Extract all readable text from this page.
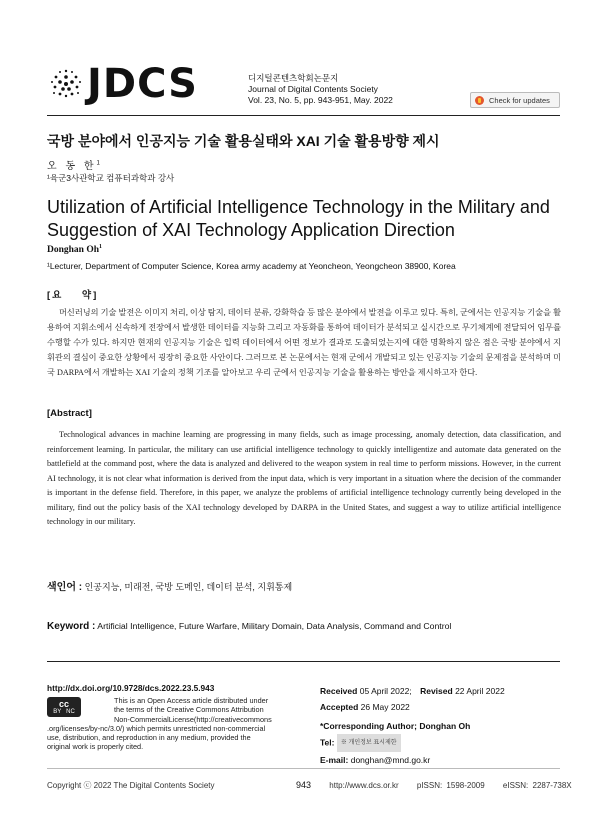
JDCS	디지털콘텐츠학회논문지
Journal of Digital Contents Society
Vol. 23, No. 5, pp. 943-951, May. 2022	Check for updates
국방 분야에서 인공지능 기술 활용실태와 XAI 기술 활용방향 제시
오 동 한$^1$
¹육군3사관학교 컴퓨터과학과 강사
Utilization of Artificial Intelligence Technology in the Military and Suggestion of XAI Technology Application Direction
Donghan Oh$^1$
¹Lecturer, Department of Computer Science, Korea army academy at Yeoncheon, Yeongcheon 38900, Korea
[요    약]
머신러닝의 기술 발전은 이미지 처리, 이상 탐지, 데이터 분류, 강화학습 등 많은 분야에서 발전을 이루고 있다. 특히, 군에서는 인공지능 기술을 활용하여 지휘소에서 신속하게 전장에서 발생한 데이터를 지능화 그리고 자동화를 통하여 데이터가 분석되고 실시간으로 무기체계에 전달되어 임무를 수행할 수가 있다. 하지만 현재의 인공지능 기술은 입력 데이터에서 어떤 정보가 결과로 도출되었는지에 대한 명확하지 않은 점은 국방 분야에서 지휘관의 결심이 중요한 상황에서 굉장히 중요한 사안이다. 그러므로 본 논문에서는 현재 군에서 개발되고 있는 인공지능 기술의 문제점을 분석하며 미국 DARPA에서 개발하는 XAI 기술의 정책 기조를 알아보고 우리 군에서 인공지능 기술을 활용하는 방안을 제시하고자 한다.
[Abstract]
Technological advances in machine learning are progressing in many fields, such as image processing, anomaly detection, data classification, and reinforcement learning. In particular, the military can use artificial intelligence technology to quickly intelligentize and automate data generated on the battlefield at the command post, where the data is analyzed and delivered to the weapon system in real time to perform missions. However, in the current AI technology, it is not clear what information is derived from the input data, which is very important in a situation where the decision of the commander is important in the defense field. Therefore, in this paper, we analyze the problems of artificial intelligence technology currently being developed in the military, find out the policy basis of the XAI technology developed by DARPA in the United States, and suggest a way to utilize artificial intelligence technology in our military.
색인어 : 인공지능, 미래전, 국방 도메인, 데이터 분석, 지휘통제
Keyword : Artificial Intelligence, Future Warfare, Military Domain, Data Analysis, Command and Control
http://dx.doi.org/10.9728/dcs.2022.23.5.943
cc
BY   NC
This is an Open Access article distributed under
the terms of the Creative Commons Attribution
Non-CommercialLicense(http://creativecommons
.org/licenses/by-nc/3.0/) which permits unrestricted non-commercial
use, distribution, and reproduction in any medium, provided the
original work is properly cited.
Received 05 April 2022; Revised 22 April 2022
Accepted 26 May 2022
*Corresponding Author; Donghan Oh
Tel: ※ 개인정보 표시제한
E-mail: donghan@mnd.go.kr
Copyright ⓒ 2022 The Digital Contents Society	943 http://www.dcs.or.kr pISSN: 1598-2009 eISSN: 2287-738X
